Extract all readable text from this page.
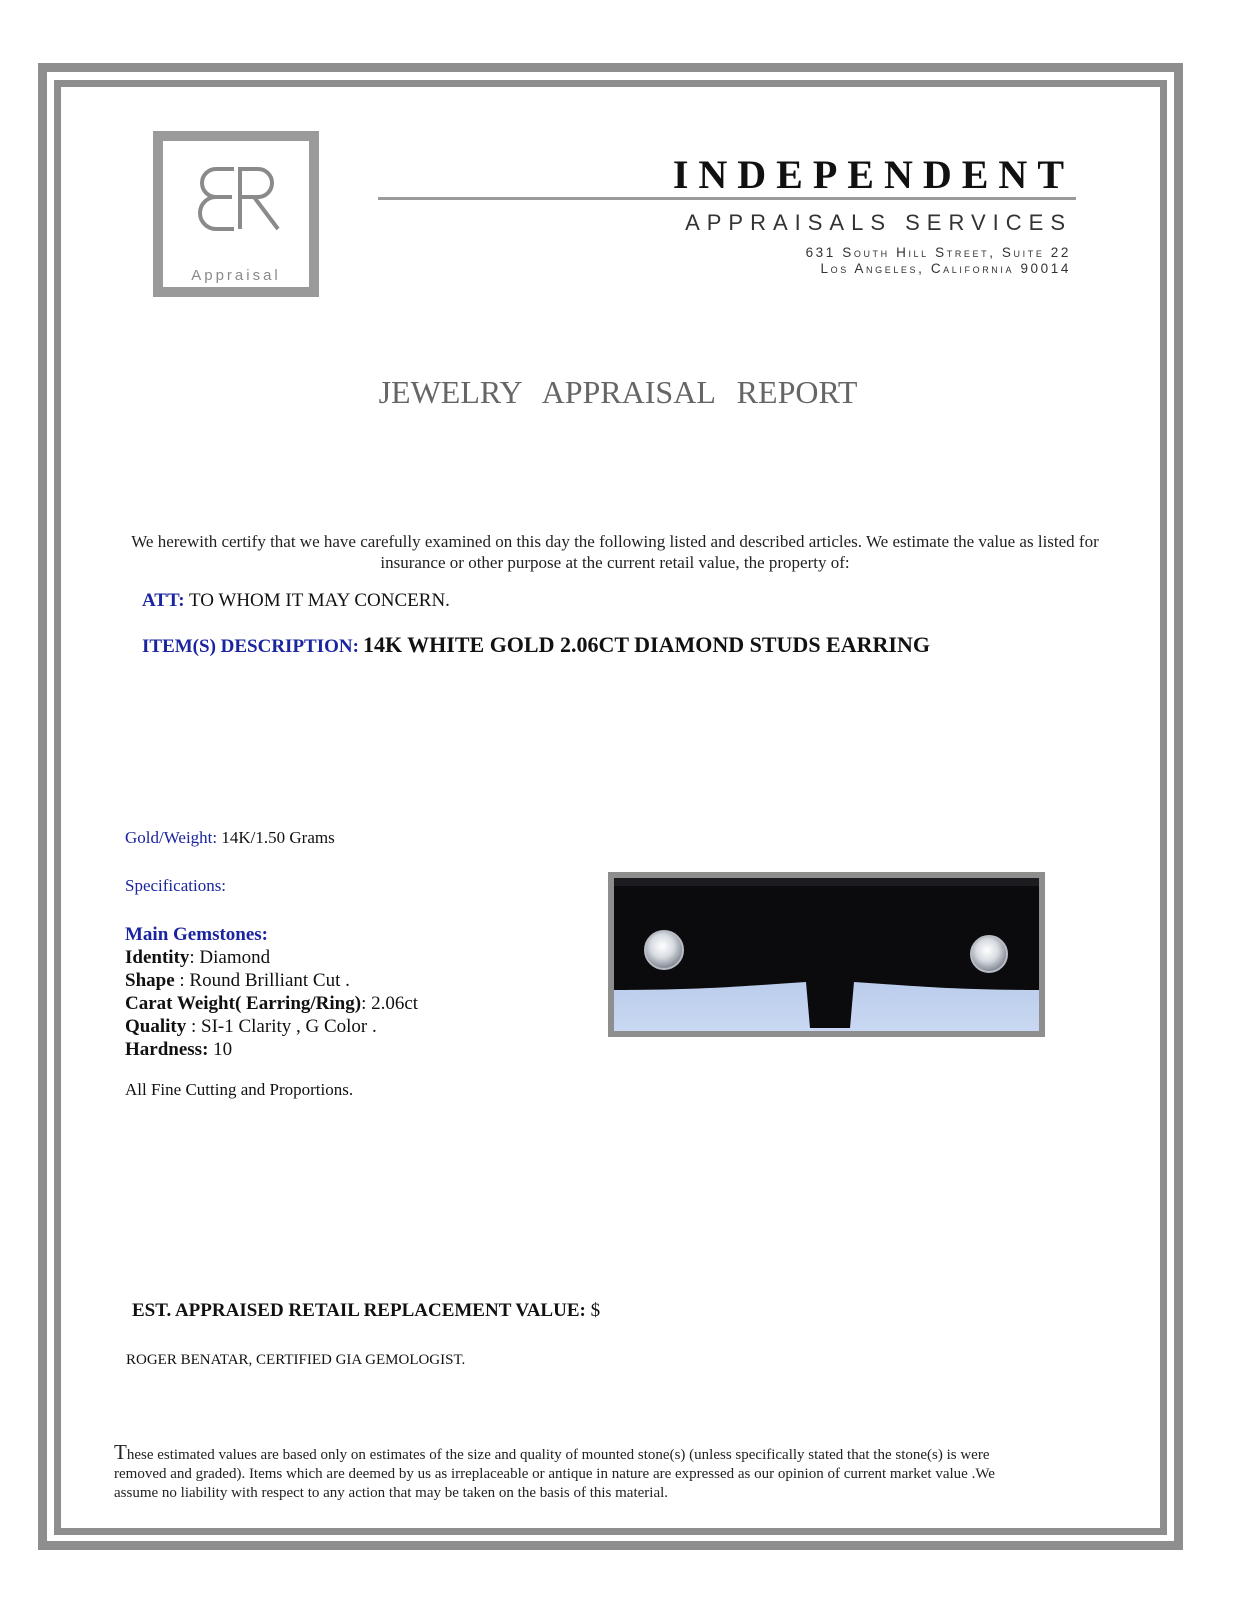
Appraisal
INDEPENDENT
APPRAISALS SERVICES
631 South Hill Street, Suite 22
Los Angeles, California 90014
JEWELRY APPRAISAL REPORT
We herewith certify that we have carefully examined on this day the following listed and described articles. We estimate the value as listed for insurance or other purpose at the current retail value, the property of:
ATT: TO WHOM IT MAY CONCERN.
ITEM(S) DESCRIPTION: 14K WHITE GOLD 2.06CT DIAMOND STUDS EARRING
Gold/Weight: 14K/1.50 Grams
Specifications:
Main Gemstones:
Identity: Diamond
Shape : Round Brilliant Cut .
Carat Weight( Earring/Ring): 2.06ct
Quality : SI-1 Clarity , G Color .
Hardness: 10
All Fine Cutting and Proportions.
EST. APPRAISED RETAIL REPLACEMENT VALUE: $
ROGER BENATAR, CERTIFIED GIA GEMOLOGIST.
These estimated values are based only on estimates of the size and quality of mounted stone(s) (unless specifically stated that the stone(s) is were removed and graded). Items which are deemed by us as irreplaceable or antique in nature are expressed as our opinion of current market value .We assume no liability with respect to any action that may be taken on the basis of this material.
